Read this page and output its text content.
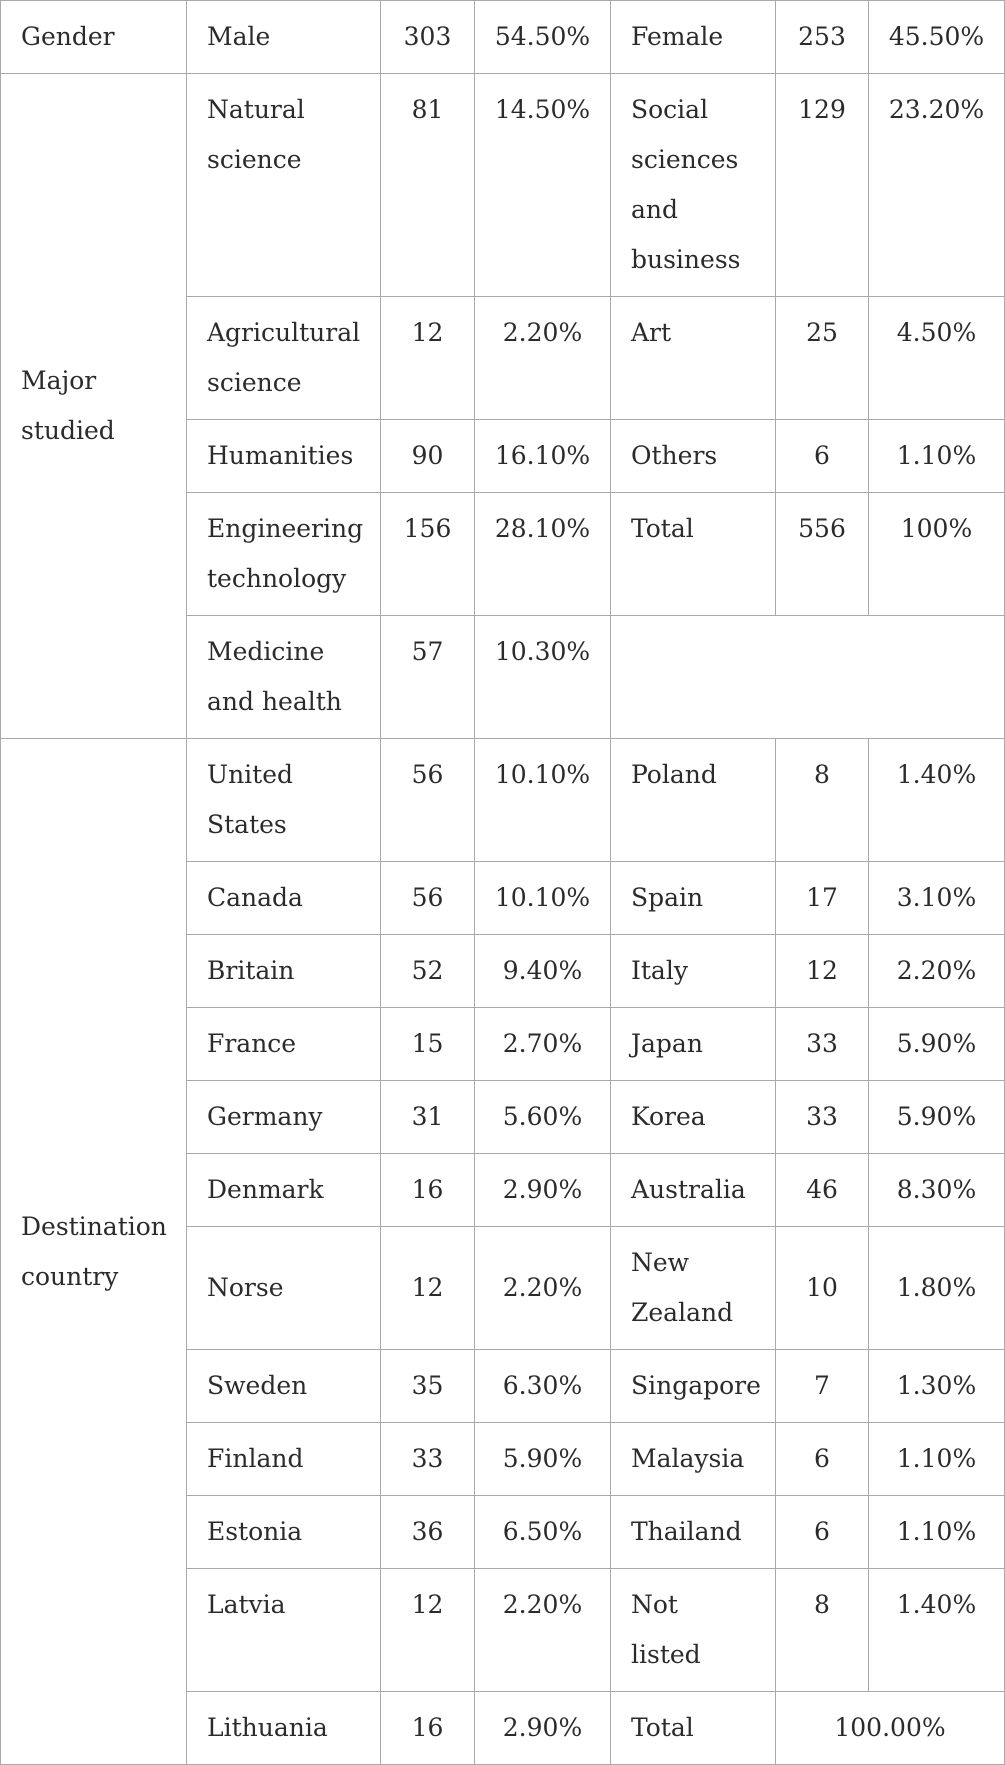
Gender	Male	303	54.50%	Female	253	45.50%
Major studied	Natural science	81	14.50%	Social sciences and business	129	23.20%
	Agricultural science	12	2.20%	Art	25	4.50%
	Humanities	90	16.10%	Others	6	1.10%
	Engineering technology	156	28.10%	Total	556	100%
	Medicine and health	57	10.30%			
Destination country	United States	56	10.10%	Poland	8	1.40%
	Canada	56	10.10%	Spain	17	3.10%
	Britain	52	9.40%	Italy	12	2.20%
	France	15	2.70%	Japan	33	5.90%
	Germany	31	5.60%	Korea	33	5.90%
	Denmark	16	2.90%	Australia	46	8.30%
	Norse	12	2.20%	New Zealand	10	1.80%
	Sweden	35	6.30%	Singapore	7	1.30%
	Finland	33	5.90%	Malaysia	6	1.10%
	Estonia	36	6.50%	Thailand	6	1.10%
	Latvia	12	2.20%	Not listed	8	1.40%
	Lithuania	16	2.90%	Total	100.00%	
